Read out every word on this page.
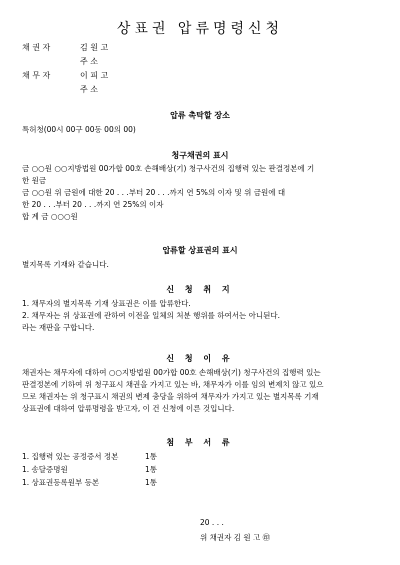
상표권 압류명령신청
채 권 자	김 원 고
주 소
채 무 자	이 피 고
주 소
압류 촉탁할 장소
특허청(00시 00구 00동 00의 00)
청구채권의 표시
금 ○○원 ○○지방법원 00가합 00호 손해배상(기) 청구사건의 집행력 있는 판결정본에 기
한 원금
금 ○○원 위 금원에 대한 20 . . .부터 20 . . .까지 연 5%의 이자 및 위 금원에 대
한 20 . . .부터 20 . . .까지 연 25%의 이자
합 계 금 ○○○원
압류할 상표권의 표시
별지목록 기재와 같습니다.
신 청 취 지
1. 채무자의 별지목록 기재 상표권은 이를 압류한다.
2. 채무자는 위 상표권에 관하여 이전을 일체의 처분 행위를 하여서는 아니된다.
라는 재판을 구합니다.
신 청 이 유
채권자는 채무자에 대하여 ○○지방법원 00가합 00호 손해배상(기) 청구사건의 집행력 있는
판결정본에 기하여 위 청구표시 채권을 가지고 있는 바, 채무자가 이를 임의 변제치 않고 있으
므로 채권자는 위 청구표시 채권의 변제 충당을 위하여 채무자가 가지고 있는 별지목록 기재
상표권에 대하여 압류명령을 받고자, 이 건 신청에 이른 것입니다.
첨 부 서 류
1. 집행력 있는 공정증서 정본	1통
1. 송달증명원	1통
1. 상표권등록원부 등본	1통
20 . . .
위 채권자 김 원 고 ㊞
